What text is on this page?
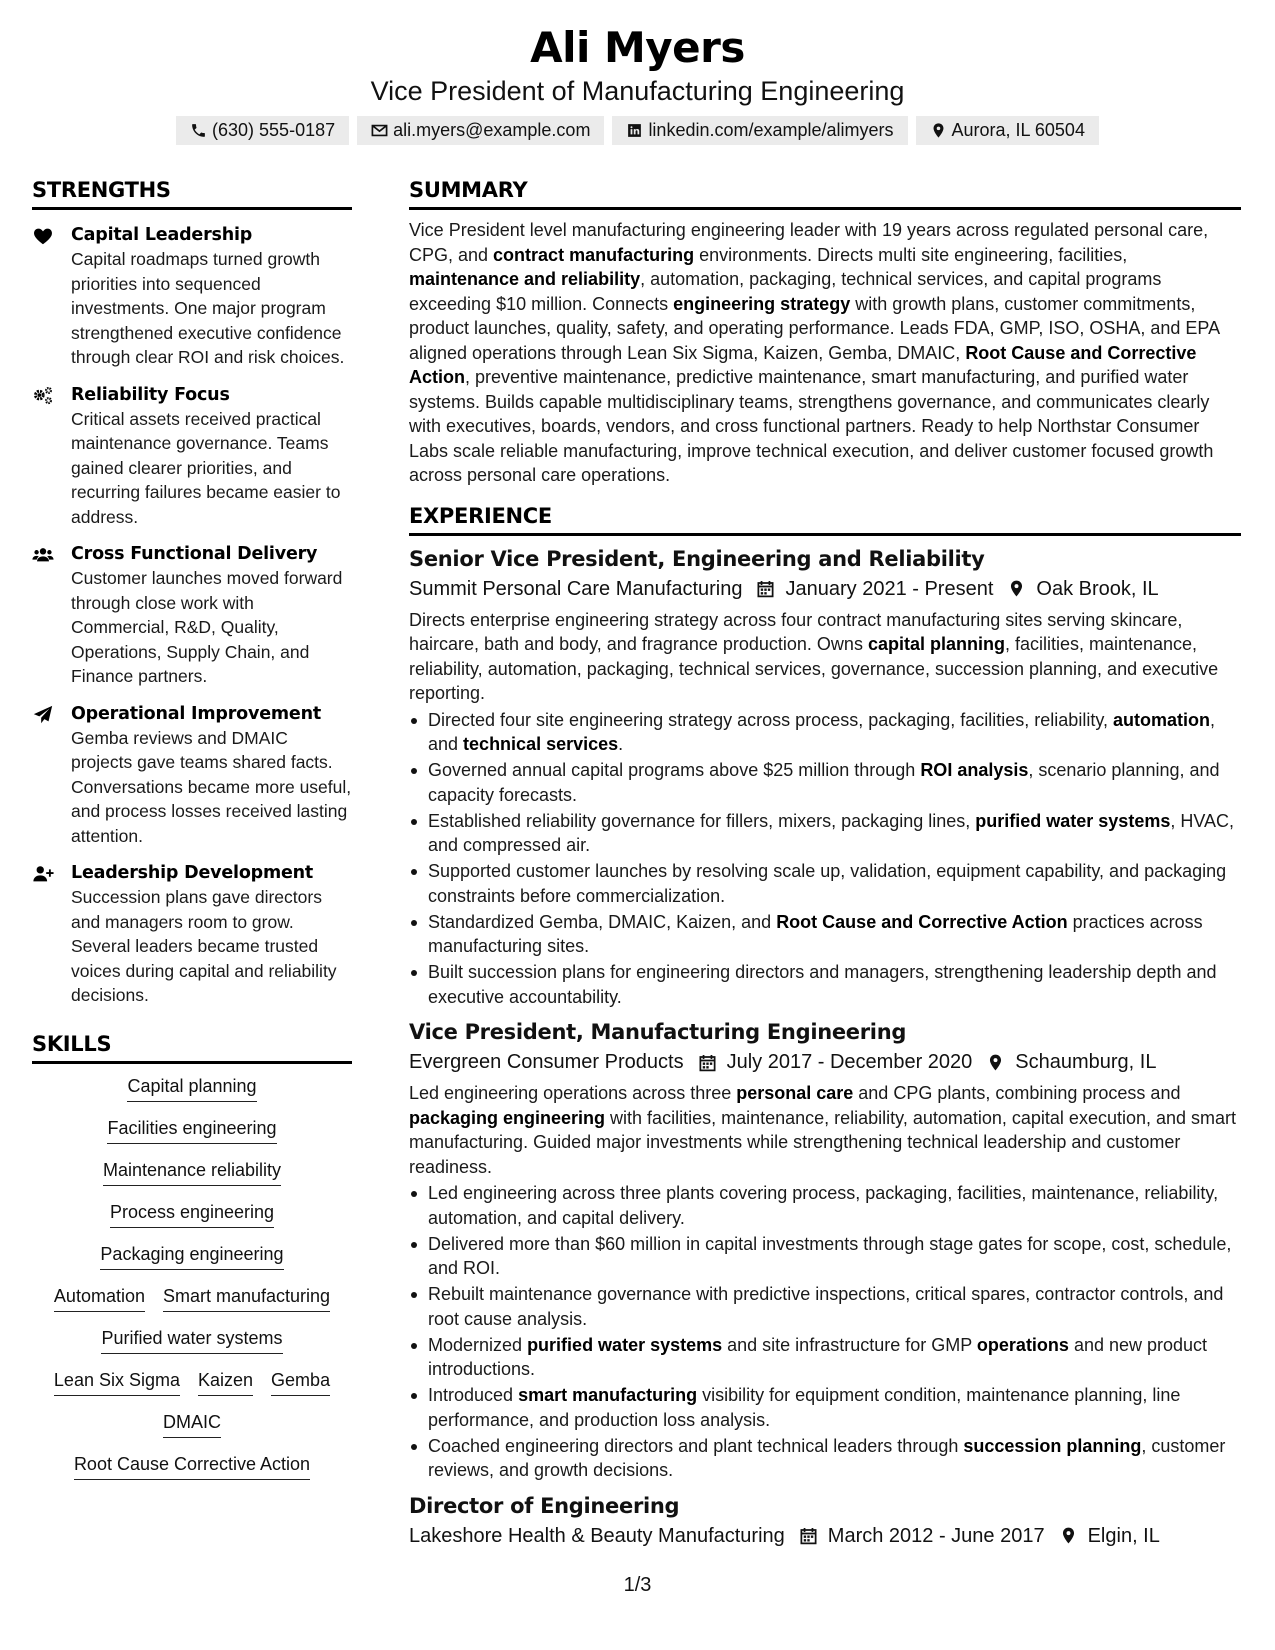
Ali Myers
Vice President of Manufacturing Engineering
(630) 555-0187	ali.myers@example.com	linkedin.com/example/alimyers	Aurora, IL 60504
STRENGTHS
Capital Leadership

Capital roadmaps turned growth priorities into sequenced investments. One major program strengthened executive confidence through clear ROI and risk choices.

Reliability Focus

Critical assets received practical maintenance governance. Teams gained clearer priorities, and recurring failures became easier to address.

Cross Functional Delivery

Customer launches moved forward through close work with Commercial, R&D, Quality, Operations, Supply Chain, and Finance partners.

Operational Improvement

Gemba reviews and DMAIC projects gave teams shared facts. Conversations became more useful, and process losses received lasting attention.

Leadership Development

Succession plans gave directors and managers room to grow. Several leaders became trusted voices during capital and reliability decisions.

SKILLS
Capital planning
Facilities engineering
Maintenance reliability
Process engineering
Packaging engineering
Automation Smart manufacturing
Purified water systems
Lean Six Sigma Kaizen Gemba
DMAIC
Root Cause Corrective Action
SUMMARY
Vice President level manufacturing engineering leader with 19 years across regulated personal care, CPG, and contract manufacturing environments. Directs multi site engineering, facilities, maintenance and reliability, automation, packaging, technical services, and capital programs exceeding $10 million. Connects engineering strategy with growth plans, customer commitments, product launches, quality, safety, and operating performance. Leads FDA, GMP, ISO, OSHA, and EPA aligned operations through Lean Six Sigma, Kaizen, Gemba, DMAIC, Root Cause and Corrective Action, preventive maintenance, predictive maintenance, smart manufacturing, and purified water systems. Builds capable multidisciplinary teams, strengthens governance, and communicates clearly with executives, boards, vendors, and cross functional partners. Ready to help Northstar Consumer Labs scale reliable manufacturing, improve technical execution, and deliver customer focused growth across personal care operations.
EXPERIENCE
Senior Vice President, Engineering and Reliability
Summit Personal Care Manufacturing January 2021 - Present Oak Brook, IL
Directs enterprise engineering strategy across four contract manufacturing sites serving skincare, haircare, bath and body, and fragrance production. Owns capital planning, facilities, maintenance, reliability, automation, packaging, technical services, governance, succession planning, and executive reporting.
Directed four site engineering strategy across process, packaging, facilities, reliability, automation, and technical services.
Governed annual capital programs above $25 million through ROI analysis, scenario planning, and capacity forecasts.
Established reliability governance for fillers, mixers, packaging lines, purified water systems, HVAC, and compressed air.
Supported customer launches by resolving scale up, validation, equipment capability, and packaging constraints before commercialization.
Standardized Gemba, DMAIC, Kaizen, and Root Cause and Corrective Action practices across manufacturing sites.
Built succession plans for engineering directors and managers, strengthening leadership depth and executive accountability.
Vice President, Manufacturing Engineering
Evergreen Consumer Products July 2017 - December 2020 Schaumburg, IL
Led engineering operations across three personal care and CPG plants, combining process and packaging engineering with facilities, maintenance, reliability, automation, capital execution, and smart manufacturing. Guided major investments while strengthening technical leadership and customer readiness.
Led engineering across three plants covering process, packaging, facilities, maintenance, reliability, automation, and capital delivery.
Delivered more than $60 million in capital investments through stage gates for scope, cost, schedule, and ROI.
Rebuilt maintenance governance with predictive inspections, critical spares, contractor controls, and root cause analysis.
Modernized purified water systems and site infrastructure for GMP operations and new product introductions.
Introduced smart manufacturing visibility for equipment condition, maintenance planning, line performance, and production loss analysis.
Coached engineering directors and plant technical leaders through succession planning, customer reviews, and growth decisions.
Director of Engineering
Lakeshore Health & Beauty Manufacturing March 2012 - June 2017 Elgin, IL
1/3
